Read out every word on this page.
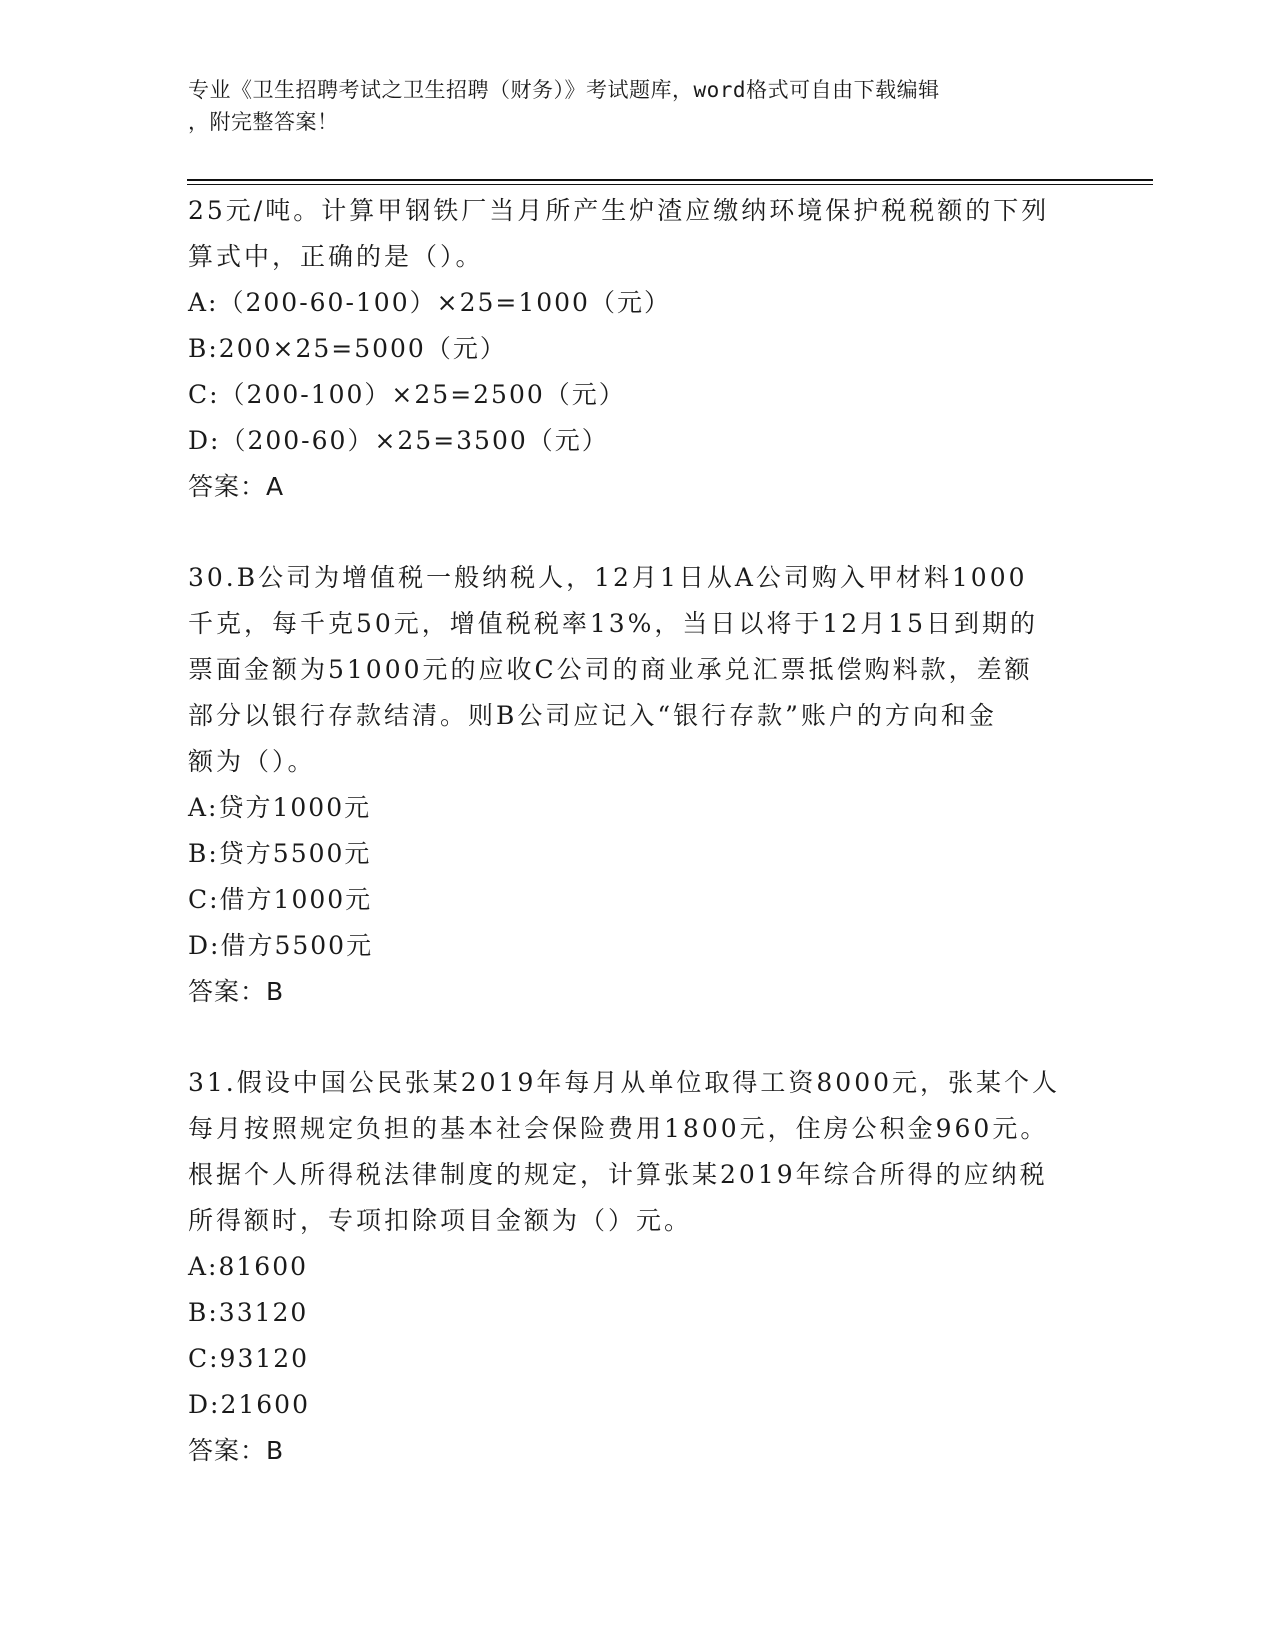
专业《卫生招聘考试之卫生招聘（财务）》考试题库，word格式可自由下载编辑
，附完整答案！

25元/吨。计算甲钢铁厂当月所产生炉渣应缴纳环境保护税税额的下列

算式中，正确的是（）。

A:（200-60-100）×25=1000（元）

B:200×25=5000（元）

C:（200-100）×25=2500（元）

D:（200-60）×25=3500（元）

答案：A

30.B公司为增值税一般纳税人，12月1日从A公司购入甲材料1000

千克，每千克50元，增值税税率13%，当日以将于12月15日到期的

票面金额为51000元的应收C公司的商业承兑汇票抵偿购料款，差额

部分以银行存款结清。则B公司应记入“银行存款”账户的方向和金

额为（）。

A:贷方1000元

B:贷方5500元

C:借方1000元

D:借方5500元

答案：B

31.假设中国公民张某2019年每月从单位取得工资8000元，张某个人

每月按照规定负担的基本社会保险费用1800元，住房公积金960元。

根据个人所得税法律制度的规定，计算张某2019年综合所得的应纳税

所得额时，专项扣除项目金额为（）元。

A:81600

B:33120

C:93120

D:21600

答案：B
